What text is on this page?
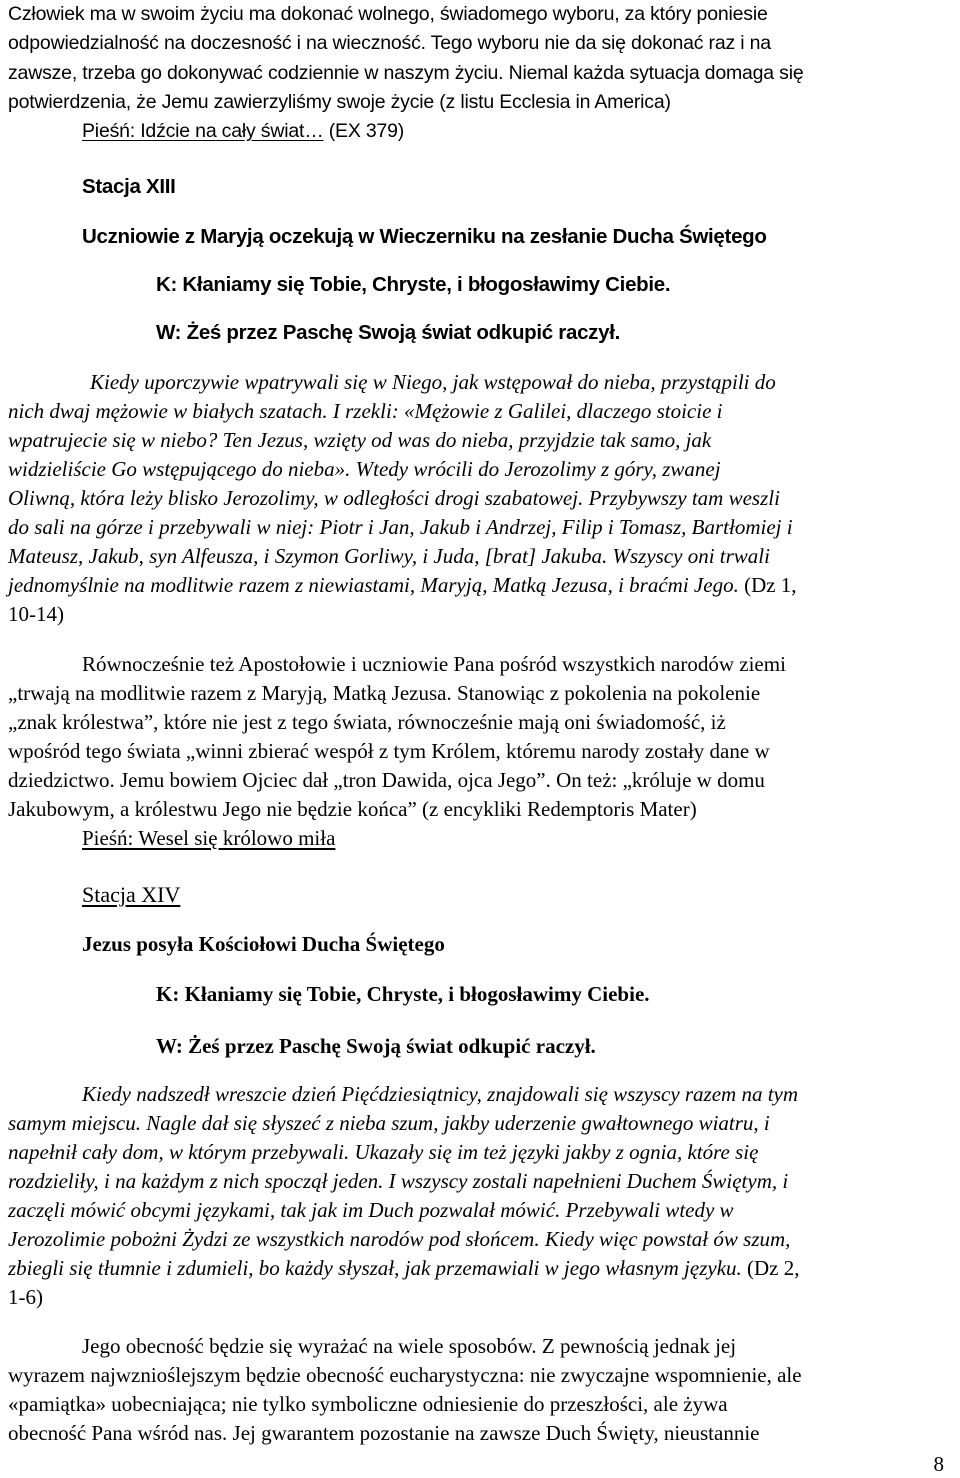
Człowiek ma w swoim życiu ma dokonać wolnego, świadomego wyboru, za który poniesie
odpowiedzialność na doczesność i na wieczność. Tego wyboru nie da się dokonać raz i na
zawsze, trzeba go dokonywać codziennie w naszym życiu. Niemal każda sytuacja domaga się
potwierdzenia, że Jemu zawierzyliśmy swoje życie (z listu Ecclesia in America)
Pieśń: Idźcie na cały świat… (EX 379)
Stacja XIII
Uczniowie z Maryją oczekują w Wieczerniku na zesłanie Ducha Świętego
K: Kłaniamy się Tobie, Chryste, i błogosławimy Ciebie.
W: Żeś przez Paschę Swoją świat odkupić raczył.
Kiedy uporczywie wpatrywali się w Niego, jak wstępował do nieba, przystąpili do
nich dwaj mężowie w białych szatach. I rzekli: «Mężowie z Galilei, dlaczego stoicie i
wpatrujecie się w niebo? Ten Jezus, wzięty od was do nieba, przyjdzie tak samo, jak
widzieliście Go wstępującego do nieba». Wtedy wrócili do Jerozolimy z góry, zwanej
Oliwną, która leży blisko Jerozolimy, w odległości drogi szabatowej. Przybywszy tam weszli
do sali na górze i przebywali w niej: Piotr i Jan, Jakub i Andrzej, Filip i Tomasz, Bartłomiej i
Mateusz, Jakub, syn Alfeusza, i Szymon Gorliwy, i Juda, [brat] Jakuba. Wszyscy oni trwali
jednomyślnie na modlitwie razem z niewiastami, Maryją, Matką Jezusa, i braćmi Jego. (Dz 1,
10-14)
Równocześnie też Apostołowie i uczniowie Pana pośród wszystkich narodów ziemi
„trwają na modlitwie razem z Maryją, Matką Jezusa. Stanowiąc z pokolenia na pokolenie
„znak królestwa”, które nie jest z tego świata, równocześnie mają oni świadomość, iż
wpośród tego świata „winni zbierać wespół z tym Królem, któremu narody zostały dane w
dziedzictwo. Jemu bowiem Ojciec dał „tron Dawida, ojca Jego”. On też: „króluje w domu
Jakubowym, a królestwu Jego nie będzie końca” (z encykliki Redemptoris Mater)
Pieśń: Wesel się królowo miła
Stacja XIV
Jezus posyła Kościołowi Ducha Świętego
K: Kłaniamy się Tobie, Chryste, i błogosławimy Ciebie.
W: Żeś przez Paschę Swoją świat odkupić raczył.
Kiedy nadszedł wreszcie dzień Pięćdziesiątnicy, znajdowali się wszyscy razem na tym
samym miejscu. Nagle dał się słyszeć z nieba szum, jakby uderzenie gwałtownego wiatru, i
napełnił cały dom, w którym przebywali. Ukazały się im też języki jakby z ognia, które się
rozdzieliły, i na każdym z nich spoczął jeden. I wszyscy zostali napełnieni Duchem Świętym, i
zaczęli mówić obcymi językami, tak jak im Duch pozwalał mówić. Przebywali wtedy w
Jerozolimie pobożni Żydzi ze wszystkich narodów pod słońcem. Kiedy więc powstał ów szum,
zbiegli się tłumnie i zdumieli, bo każdy słyszał, jak przemawiali w jego własnym języku. (Dz 2,
1-6)
Jego obecność będzie się wyrażać na wiele sposobów. Z pewnością jednak jej
wyrazem najwznioślejszym będzie obecność eucharystyczna: nie zwyczajne wspomnienie, ale
«pamiątka» uobecniająca; nie tylko symboliczne odniesienie do przeszłości, ale żywa
obecność Pana wśród nas. Jej gwarantem pozostanie na zawsze Duch Święty, nieustannie
8
